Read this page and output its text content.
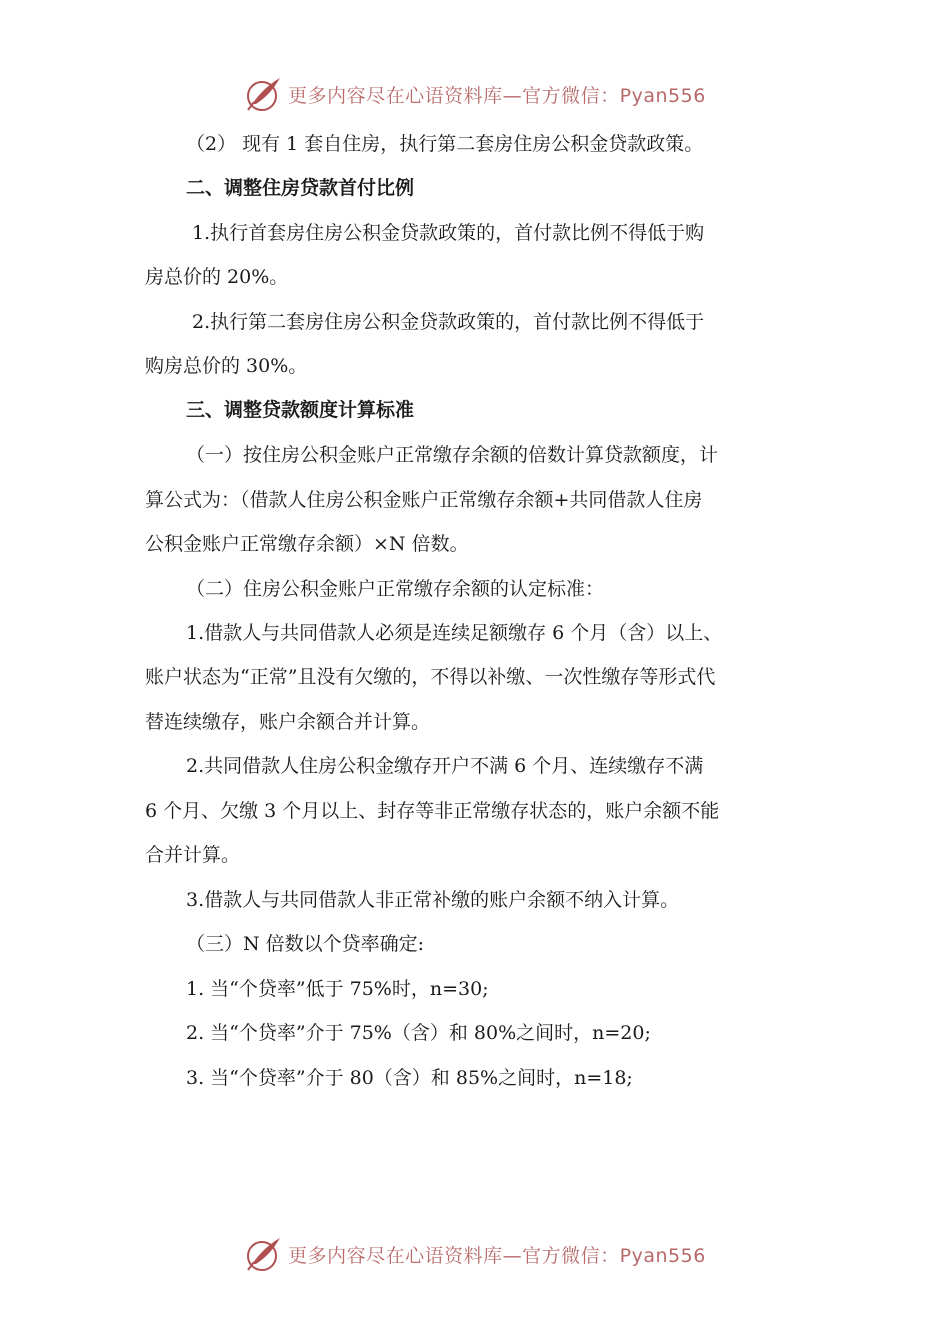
更多内容尽在心语资料库—官方微信：Pyan556
（2） 现有 1 套自住房，执行第二套房住房公积金贷款政策。
二、调整住房贷款首付比例
1.执行首套房住房公积金贷款政策的，首付款比例不得低于购
房总价的 20%。
2.执行第二套房住房公积金贷款政策的，首付款比例不得低于
购房总价的 30%。
三、调整贷款额度计算标准
（一）按住房公积金账户正常缴存余额的倍数计算贷款额度，计
算公式为：（借款人住房公积金账户正常缴存余额+共同借款人住房
公积金账户正常缴存余额）×N 倍数。
（二）住房公积金账户正常缴存余额的认定标准：
1.借款人与共同借款人必须是连续足额缴存 6 个月（含）以上、
账户状态为“正常”且没有欠缴的，不得以补缴、一次性缴存等形式代
替连续缴存，账户余额合并计算。
2.共同借款人住房公积金缴存开户不满 6 个月、连续缴存不满
6 个月、欠缴 3 个月以上、封存等非正常缴存状态的，账户余额不能
合并计算。
3.借款人与共同借款人非正常补缴的账户余额不纳入计算。
（三）N 倍数以个贷率确定:
1. 当“个贷率”低于 75%时，n=30;
2. 当“个贷率”介于 75%（含）和 80%之间时，n=20;
3. 当“个贷率”介于 80（含）和 85%之间时，n=18;
更多内容尽在心语资料库—官方微信：Pyan556
